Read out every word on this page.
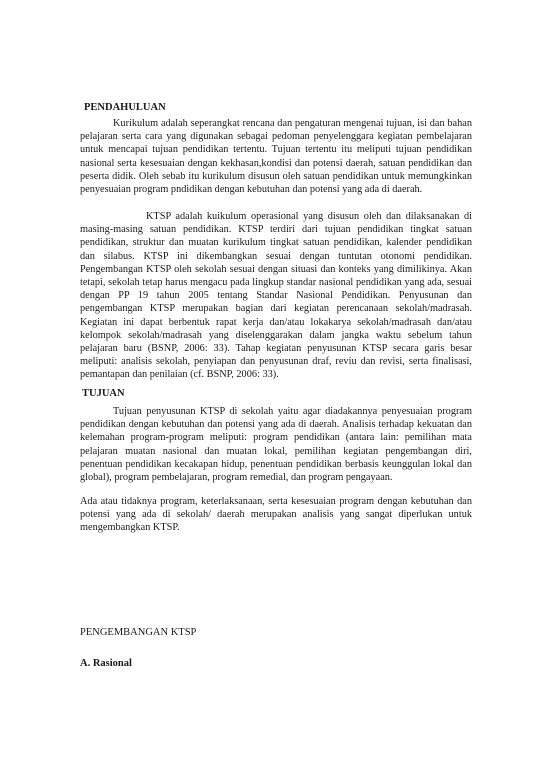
PENDAHULUAN
Kurikulum adalah seperangkat rencana dan pengaturan mengenai tujuan, isi dan bahan pelajaran serta cara yang digunakan sebagai pedoman penyelenggara kegiatan pembelajaran untuk mencapai tujuan pendidikan tertentu. Tujuan tertentu itu meliputi tujuan pendidikan nasional serta kesesuaian dengan kekhasan,kondisi dan potensi daerah, satuan pendidikan dan peserta didik. Oleh sebab itu kurikulum disusun oleh satuan pendidikan untuk memungkinkan penyesuaian program pndidikan dengan kebutuhan dan potensi yang ada di daerah.
KTSP adalah kuikulum operasional yang disusun oleh dan dilaksanakan di masing-masing satuan pendidikan. KTSP terdiri dari tujuan pendidikan tingkat satuan pendidikan, struktur dan muatan kurikulum tingkat satuan pendidikan, kalender pendidikan dan silabus. KTSP ini dikembangkan sesuai dengan tuntutan otonomi pendidikan. Pengembangan KTSP oleh sekolah sesuai dengan situasi dan konteks yang dimilikinya. Akan tetapi, sekolah tetap harus mengacu pada lingkup standar nasional pendidikan yang ada, sesuai dengan PP 19 tahun 2005 tentang Standar Nasional Pendidikan. Penyusunan dan pengembangan KTSP merupakan bagian dari kegiatan perencanaan sekolah/madrasah. Kegiatan ini dapat berbentuk rapat kerja dan/atau lokakarya sekolah/madrasah dan/atau kelompok sekolah/madrasah yang diselenggarakan dalam jangka waktu sebelum tahun pelajaran baru (BSNP, 2006: 33). Tahap kegiatan penyusunan KTSP secara garis besar meliputi: analisis sekolah, penyiapan dan penyusunan draf, reviu dan revisi, serta finalisasi, pemantapan dan penilaian (cf. BSNP, 2006: 33).
TUJUAN
Tujuan penyusunan KTSP di sekolah yaitu agar diadakannya penyesuaian program pendidikan dengan kebutuhan dan potensi yang ada di daerah. Analisis terhadap kekuatan dan kelemahan program-program meliputi: program pendidikan (antara lain: pemilihan mata pelajaran muatan nasional dan muatan lokal, pemilihan kegiatan pengembangan diri, penentuan pendidikan kecakapan hidup, penentuan pendidikan berbasis keunggulan lokal dan global), program pembelajaran, program remedial, dan program pengayaan.
Ada atau tidaknya program, keterlaksanaan, serta kesesuaian program dengan kebutuhan dan potensi yang ada di sekolah/ daerah merupakan analisis yang sangat diperlukan untuk mengembangkan KTSP.
PENGEMBANGAN KTSP
A. Rasional
